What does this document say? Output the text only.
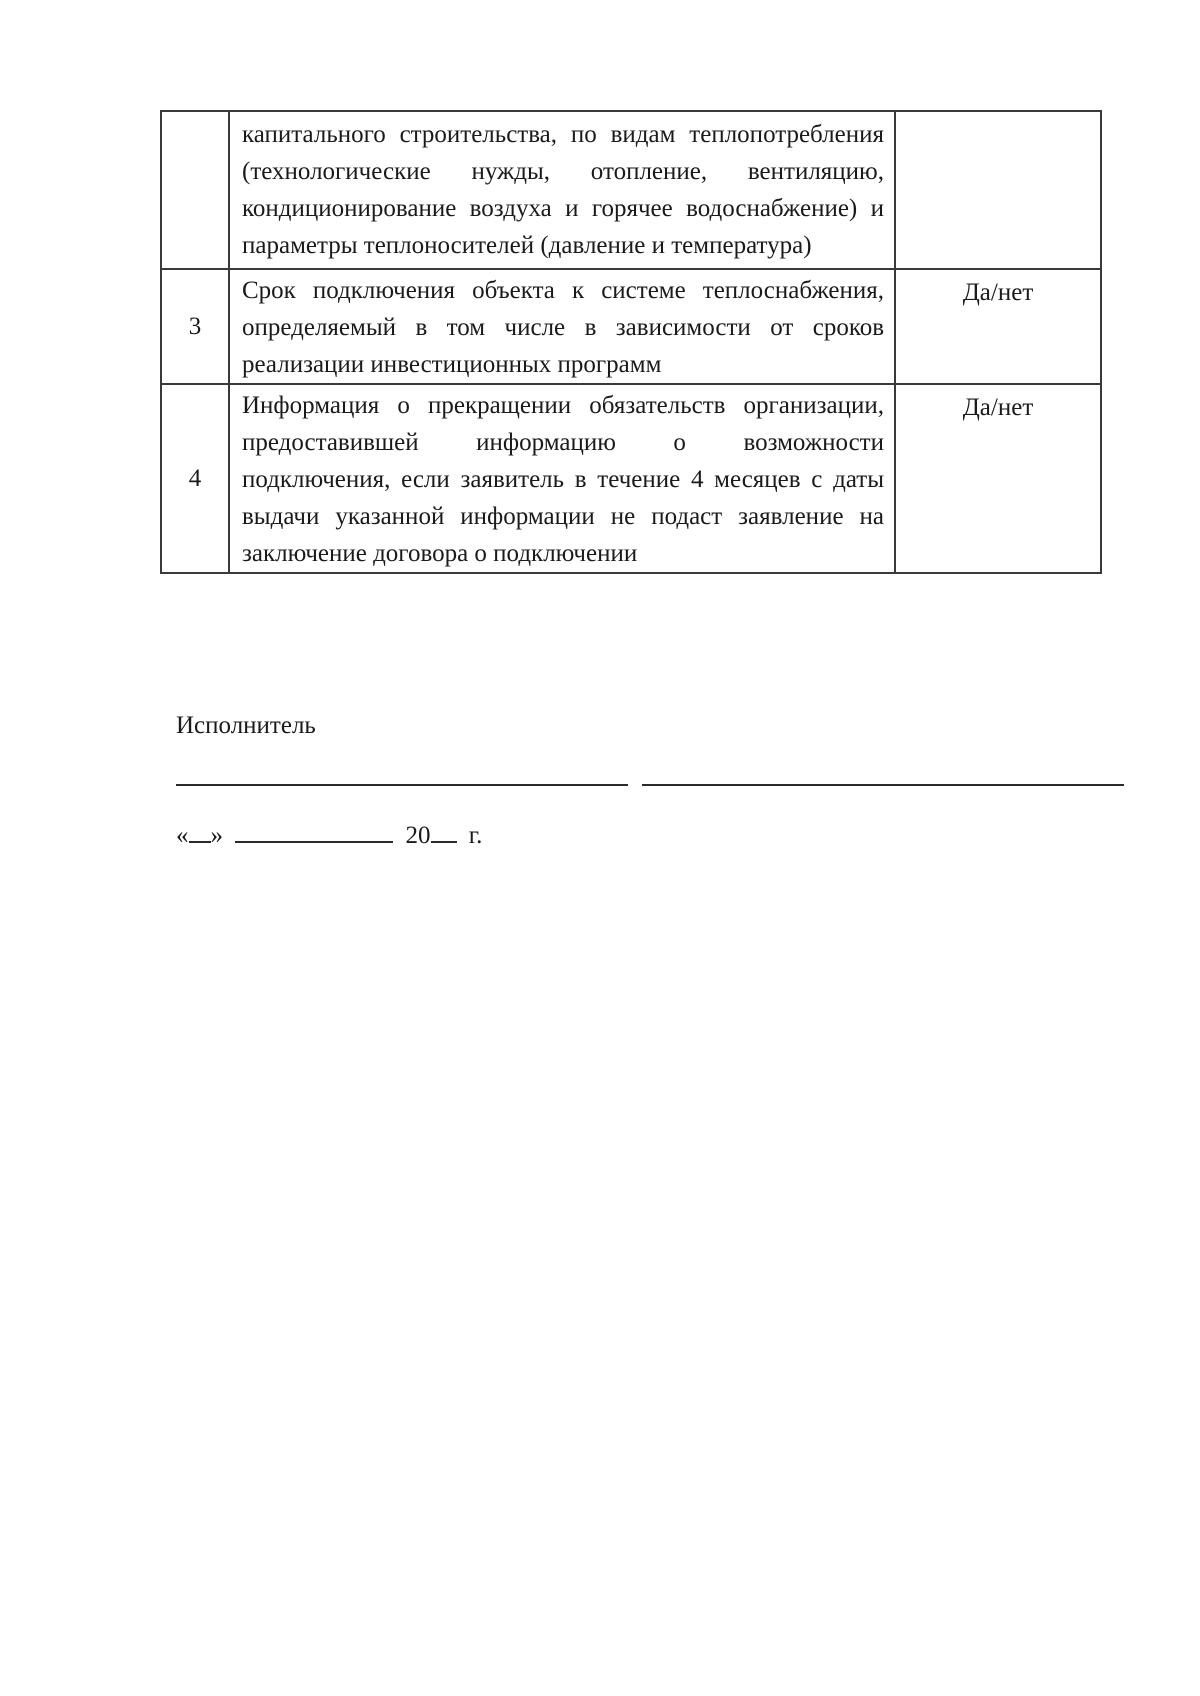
	капитального строительства, по видам теплопотребления (технологические нужды, отопление, вентиляцию, кондиционирование воздуха и горячее водоснабжение) и параметры теплоносителей (давление и температура)	

3	Срок подключения объекта к системе теплоснабжения, определяемый в том числе в зависимости от сроков реализации инвестиционных программ	Да/нет

4	Информация о прекращении обязательств организации, предоставившей информацию о возможности подключения, если заявитель в течение 4 месяцев с даты выдачи указанной информации не подаст заявление на заключение договора о подключении	Да/нет
Исполнитель
« »	20 г.
